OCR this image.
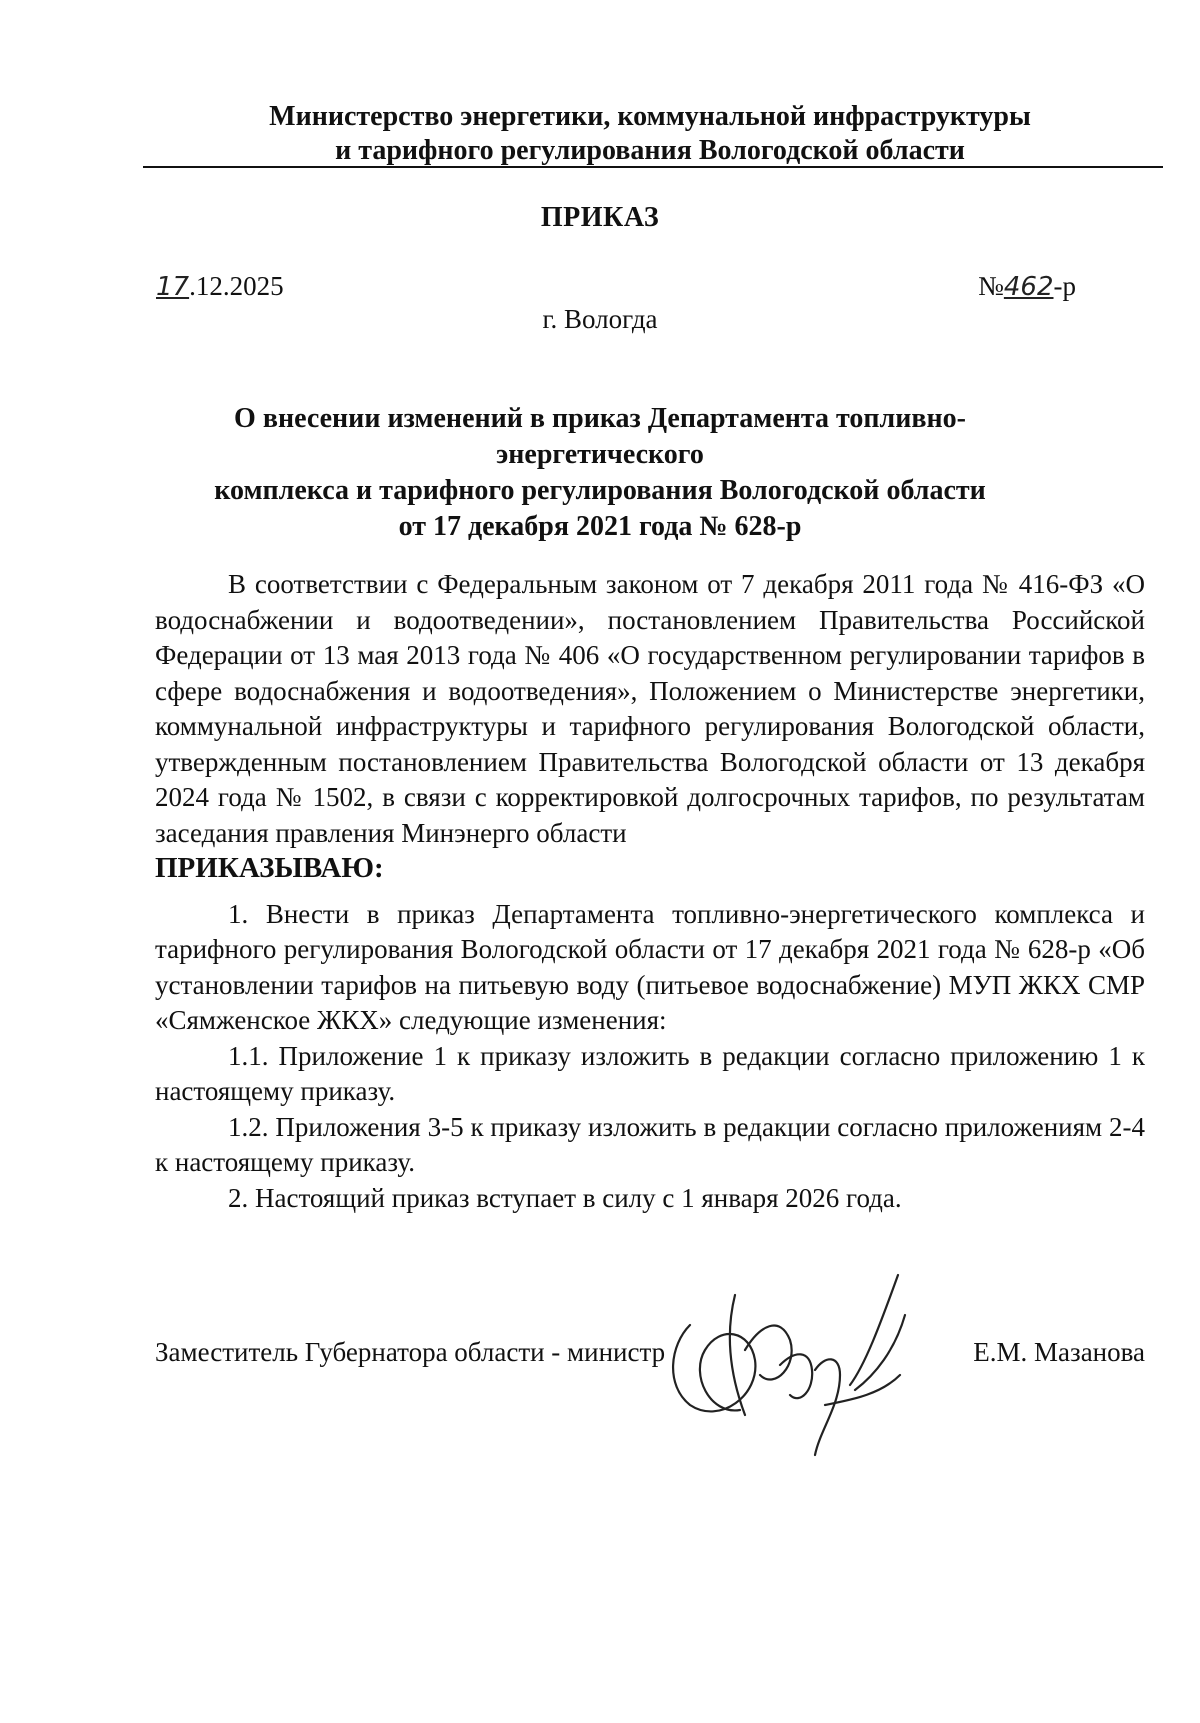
Министерство энергетики, коммунальной инфраструктуры
и тарифного регулирования Вологодской области
ПРИКАЗ
17.12.2025	№462-р
г. Вологда
О внесении изменений в приказ Департамента топливно-энергетического
комплекса и тарифного регулирования Вологодской области
от 17 декабря 2021 года № 628-р

В соответствии с Федеральным законом от 7 декабря 2011 года № 416-ФЗ «О водоснабжении и водоотведении», постановлением Правительства Российской Федерации от 13 мая 2013 года № 406 «О государственном регулировании тарифов в сфере водоснабжения и водоотведения», Положением о Министерстве энергетики, коммунальной инфраструктуры и тарифного регулирования Вологодской области, утвержденным постановлением Правительства Вологодской области от 13 декабря 2024 года № 1502, в связи с корректировкой долгосрочных тарифов, по результатам заседания правления Минэнерго области

ПРИКАЗЫВАЮ:

1. Внести в приказ Департамента топливно-энергетического комплекса и тарифного регулирования Вологодской области от 17 декабря 2021 года № 628-р «Об установлении тарифов на питьевую воду (питьевое водоснабжение) МУП ЖКХ СМР «Сямженское ЖКХ» следующие изменения:

1.1. Приложение 1 к приказу изложить в редакции согласно приложению 1 к настоящему приказу.

1.2. Приложения 3-5 к приказу изложить в редакции согласно приложениям 2-4 к настоящему приказу.

2. Настоящий приказ вступает в силу с 1 января 2026 года.

Заместитель Губернатора области - министр	Е.М. Мазанова
